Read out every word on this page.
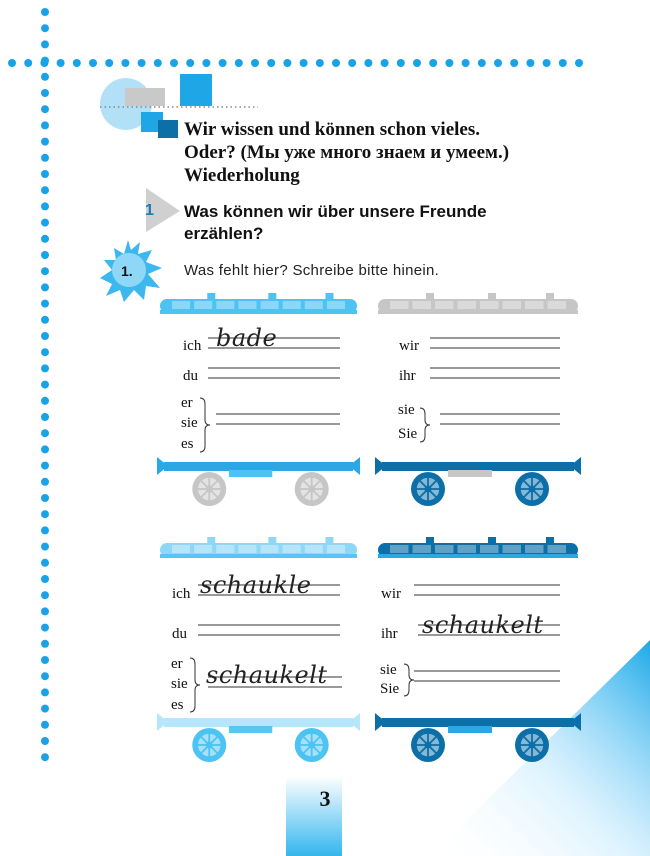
Wir wissen und können schon vieles.
Oder? (Мы уже много знаем и умеем.)
Wiederholung
1 Was können wir über unsere Freunde
erzählen?
1.	Was fehlt hier? Schreibe bitte hinein.
ich bade
du
er
sie
es
wir
ihr
sie
Sie
ich schaukle
du
er
sie
es
schaukelt
wir
ihr schaukelt
sie
Sie
3
